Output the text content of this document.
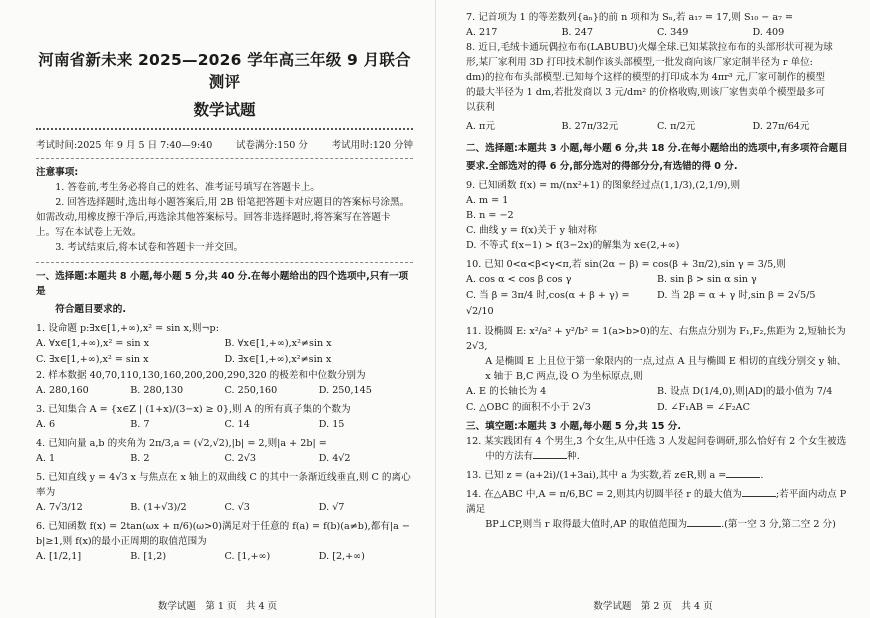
河南省新未来 2025—2026 学年高三年级 9 月联合测评
数学试题
考试时间:2025 年 9 月 5 日 7:40—9:40	试卷满分:150 分	考试用时:120 分钟

注意事项:

1. 答卷前,考生务必将自己的姓名、准考证号填写在答题卡上。

2. 回答选择题时,选出每小题答案后,用 2B 铅笔把答题卡对应题目的答案标号涂黑。

如需改动,用橡皮擦干净后,再选涂其他答案标号。回答非选择题时,将答案写在答题卡

上。写在本试卷上无效。

3. 考试结束后,将本试卷和答题卡一并交回。

一、选择题:本题共 8 小题,每小题 5 分,共 40 分.在每小题给出的四个选项中,只有一项是

符合题目要求的.

1. 设命题 p:∃x∈[1,+∞),x² = sin x,则¬p:

A. ∀x∈[1,+∞),x² = sin x	B. ∀x∈[1,+∞),x²≠sin x
C. ∃x∈[1,+∞),x² = sin x	D. ∃x∈[1,+∞),x²≠sin x

2. 样本数据 40,70,110,130,160,200,200,290,320 的极差和中位数分别为

A. 280,160	B. 280,130	C. 250,160	D. 250,145

3. 已知集合 A = {x∈Z | (1+x)/(3−x) ≥ 0},则 A 的所有真子集的个数为

A. 6	B. 7	C. 14	D. 15

4. 已知向量 a,b 的夹角为 2π/3,a = (√2,√2),|b| = 2,则|a + 2b| =

A. 1	B. 2	C. 2√3	D. 4√2

5. 已知直线 y = 4√3 x 与焦点在 x 轴上的双曲线 C 的其中一条渐近线垂直,则 C 的离心

率为

A. 7√3/12	B. (1+√3)/2	C. √3	D. √7

6. 已知函数 f(x) = 2tan(ωx + π/6)(ω>0)满足对于任意的 f(a) = f(b)(a≠b),都有|a −

b|≥1,则 f(x)的最小正周期的取值范围为

A. [1/2,1]	B. [1,2)	C. [1,+∞)	D. [2,+∞)
数学试题　第 1 页　共 4 页

7. 记首项为 1 的等差数列{aₙ}的前 n 项和为 Sₙ,若 a₁₇ = 17,则 S₁₀ − a₇ =

A. 217	B. 247	C. 349	D. 409

8. 近日,毛绒卡通玩偶拉布布(LABUBU)火爆全球.已知某款拉布布的头部形状可视为球

形,某厂家利用 3D 打印技术制作该头部模型,一批发商向该厂家定制半径为 r 单位:

dm)的拉布布头部模型.已知每个这样的模型的打印成本为 4πr³ 元,厂家可制作的模型

的最大半径为 1 dm,若批发商以 3 元/dm² 的价格收购,则该厂家售卖单个模型最多可

以获利

A. π元	B. 27π/32元	C. π/2元	D. 27π/64元

二、选择题:本题共 3 小题,每小题 6 分,共 18 分.在每小题给出的选项中,有多项符合题目

要求.全部选对的得 6 分,部分选对的得部分分,有选错的得 0 分.

9. 已知函数 f(x) = m/(nx²+1) 的图象经过点(1,1/3),(2,1/9),则

A. m = 1

B. n = −2

C. 曲线 y = f(x)关于 y 轴对称

D. 不等式 f(x−1) > f(3−2x)的解集为 x∈(2,+∞)

10. 已知 0<α<β<γ<π,若 sin(2α − β) = cos(β + 3π/2),sin γ = 3/5,则

A. cos α < cos β cos γ	B. sin β > sin α sin γ
C. 当 β = 3π/4 时,cos(α + β + γ) = √2/10
D. 当 2β = α + γ 时,sin β = 2√5/5

11. 设椭圆 E: x²/a² + y²/b² = 1(a>b>0)的左、右焦点分别为 F₁,F₂,焦距为 2,短轴长为 2√3,

A 是椭圆 E 上且位于第一象限内的一点,过点 A 且与椭圆 E 相切的直线分别交 y 轴、

x 轴于 B,C 两点,设 O 为坐标原点,则

A. E 的长轴长为 4	B. 设点 D(1/4,0),则|AD|的最小值为 7/4
C. △OBC 的面积不小于 2√3	D. ∠F₁AB = ∠F₂AC

三、填空题:本题共 3 小题,每小题 5 分,共 15 分.

12. 某实践团有 4 个男生,3 个女生,从中任选 3 人发起问卷调研,那么恰好有 2 个女生被选

中的方法有	种.

13. 已知 z = (a+2i)/(1+3ai),其中 a 为实数,若 z∈R,则 a =	.

14. 在△ABC 中,A = π/6,BC = 2,则其内切圆半径 r 的最大值为	;若平面内动点 P 满足

BP⊥CP,则当 r 取得最大值时,AP 的取值范围为	.(第一空 3 分,第二空 2 分)

数学试题　第 2 页　共 4 页
